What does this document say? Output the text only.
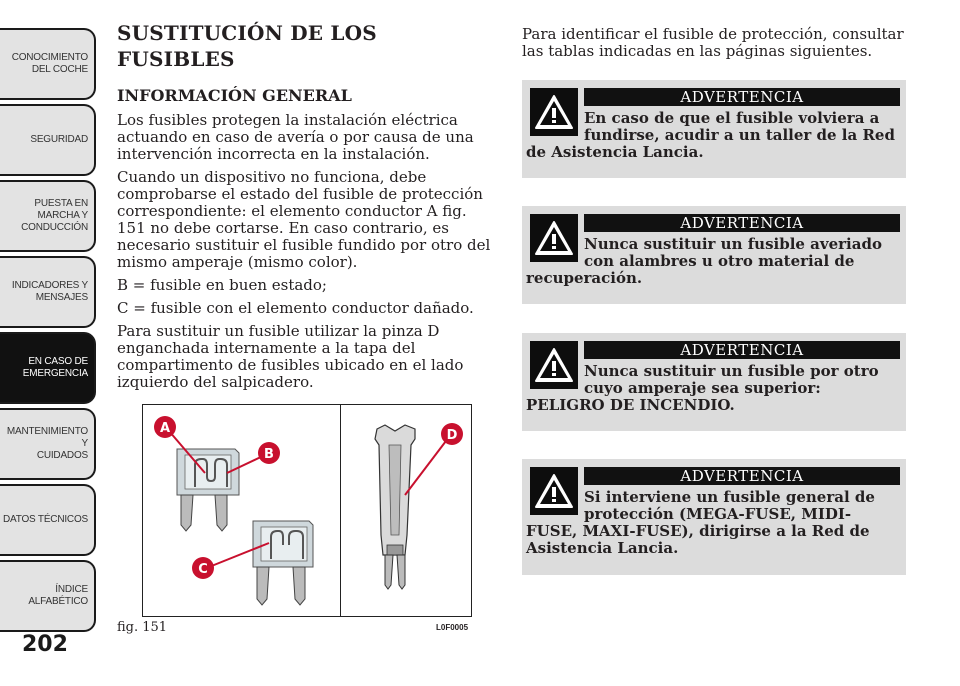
CONOCIMIENTO
DEL COCHE
SEGURIDAD
PUESTA EN
MARCHA Y
CONDUCCIÓN
INDICADORES Y
MENSAJES
EN CASO DE
EMERGENCIA
MANTENIMIENTO Y
CUIDADOS
DATOS TÉCNICOS
ÍNDICE
ALFABÉTICO
202
SUSTITUCIÓN DE LOS FUSIBLES
INFORMACIÓN GENERAL

Los fusibles protegen la instalación eléctrica actuando en caso de avería o por causa de una intervención incorrecta en la instalación.

Cuando un dispositivo no funciona, debe comprobarse el estado del fusible de protección correspondiente: el elemento conductor A fig. 151 no debe cortarse. En caso contrario, es necesario sustituir el fusible fundido por otro del mismo amperaje (mismo color).

B = fusible en buen estado;

C = fusible con el elemento conductor dañado.

Para sustituir un fusible utilizar la pinza D enganchada internamente a la tapa del compartimento de fusibles ubicado en el lado izquierdo del salpicadero.

A
B
C
D
fig. 151	L0F0005

Para identificar el fusible de protección, consultar las tablas indicadas en las páginas siguientes.

ADVERTENCIA
En caso de que el fusible volviera a
fundirse, acudir a un taller de la Red
de Asistencia Lancia.
ADVERTENCIA
Nunca sustituir un fusible averiado
con alambres u otro material de
recuperación.
ADVERTENCIA
Nunca sustituir un fusible por otro
cuyo amperaje sea superior:
PELIGRO DE INCENDIO.
ADVERTENCIA
Si interviene un fusible general de
protección (MEGA-FUSE, MIDI-
FUSE, MAXI-FUSE), dirigirse a la Red de Asistencia Lancia.
